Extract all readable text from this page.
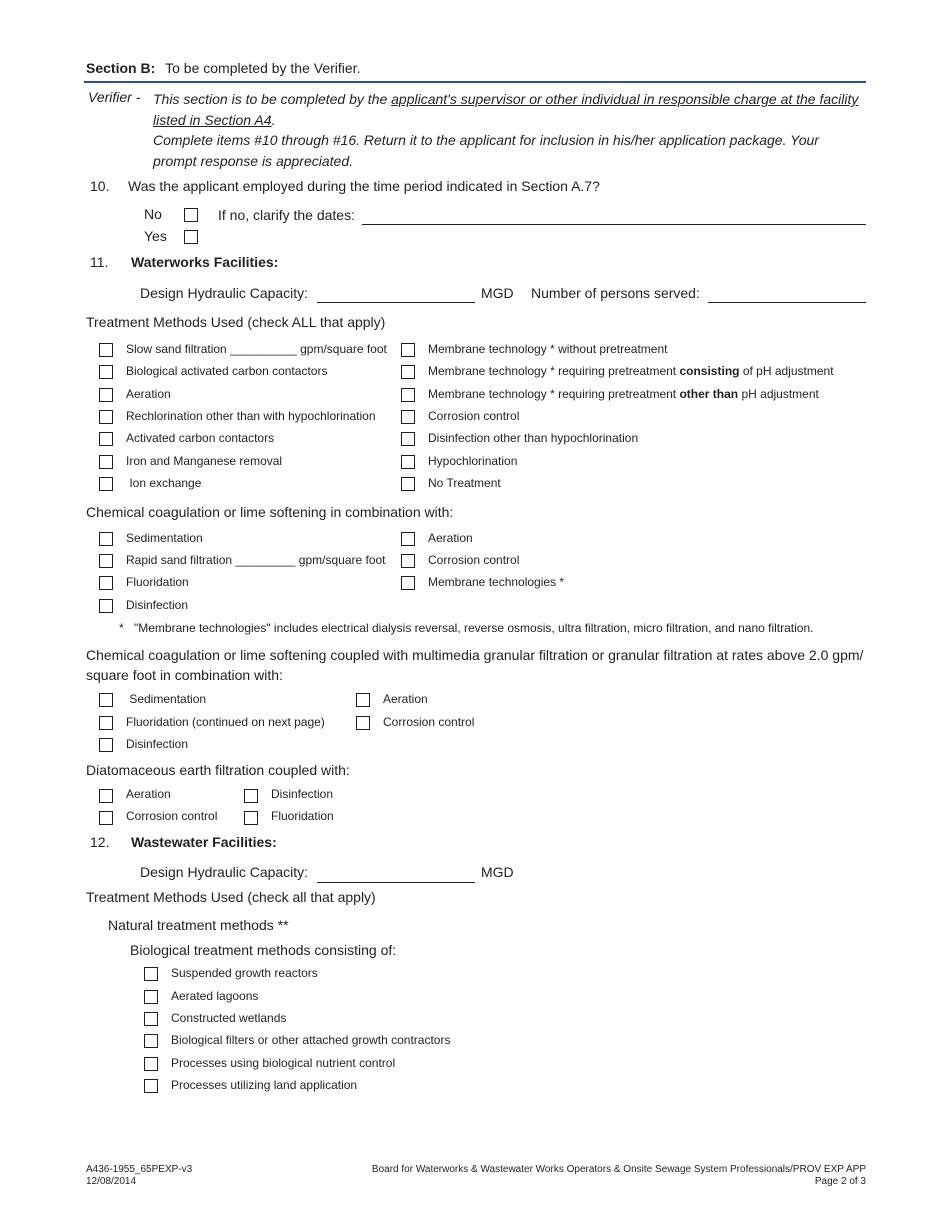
Section B: To be completed by the Verifier.
Verifier - This section is to be completed by the applicant's supervisor or other individual in responsible charge at the facility
listed in Section A4.
Complete items #10 through #16. Return it to the applicant for inclusion in his/her application package. Your
prompt response is appreciated.
10. Was the applicant employed during the time period indicated in Section A.7?
No	If no, clarify the dates:
Yes
11. Waterworks Facilities:
Design Hydraulic Capacity:	MGD Number of persons served:
Treatment Methods Used (check ALL that apply)
Slow sand filtration __________ gpm/square foot
Biological activated carbon contactors
Aeration
Rechlorination other than with hypochlorination
Activated carbon contactors
Iron and Manganese removal
Ion exchange
Membrane technology * without pretreatment
Membrane technology * requiring pretreatment consisting of pH adjustment
Membrane technology * requiring pretreatment other than pH adjustment
Corrosion control
Disinfection other than hypochlorination
Hypochlorination
No Treatment
Chemical coagulation or lime softening in combination with:
Sedimentation
Rapid sand filtration _________ gpm/square foot
Fluoridation
Disinfection
Aeration
Corrosion control
Membrane technologies *
* "Membrane technologies" includes electrical dialysis reversal, reverse osmosis, ultra filtration, micro filtration, and nano filtration.
Chemical coagulation or lime softening coupled with multimedia granular filtration or granular filtration at rates above 2.0 gpm/
square foot in combination with:
Sedimentation
Fluoridation (continued on next page)
Disinfection
Aeration
Corrosion control
Diatomaceous earth filtration coupled with:
Aeration
Corrosion control
Disinfection
Fluoridation
12. Wastewater Facilities:
Design Hydraulic Capacity:	MGD
Treatment Methods Used (check all that apply)
Natural treatment methods **
Biological treatment methods consisting of:
Suspended growth reactors
Aerated lagoons
Constructed wetlands
Biological filters or other attached growth contractors
Processes using biological nutrient control
Processes utilizing land application
A436-1955_65PEXP-v3
12/08/2014
Board for Waterworks & Wastewater Works Operators & Onsite Sewage System Professionals/PROV EXP APP
Page 2 of 3
